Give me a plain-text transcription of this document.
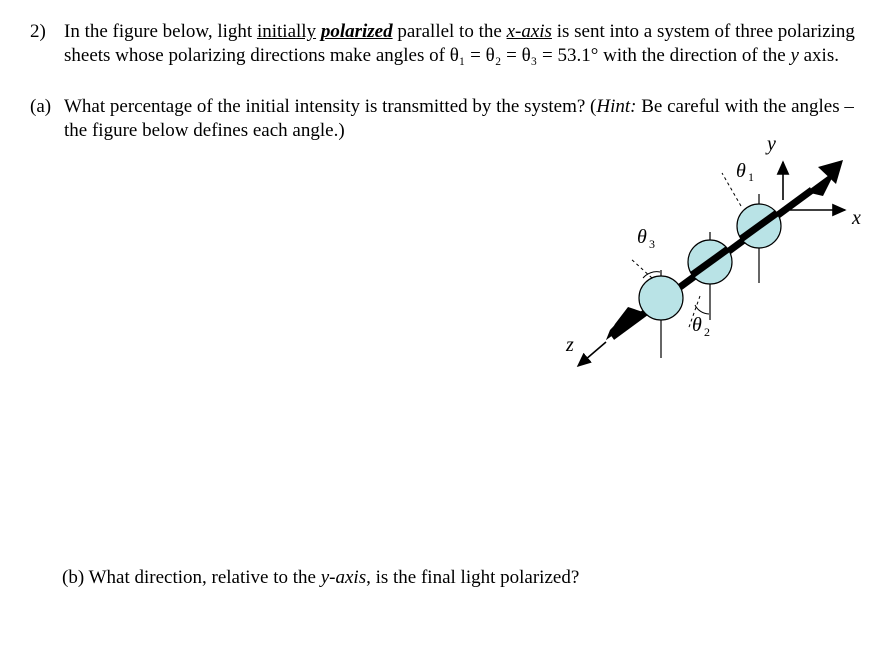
2) In the figure below, light initially polarized parallel to the x-axis is sent into a system of three polarizing sheets whose polarizing directions make angles of θ₁ = θ₂ = θ₃ = 53.1° with the direction of the y axis.
(a) What percentage of the initial intensity is transmitted by the system? (Hint: Be careful with the angles – the figure below defines each angle.)
(b) What direction, relative to the y-axis, is the final light polarized?
y
x
z
θ 1
θ 2
θ 3
